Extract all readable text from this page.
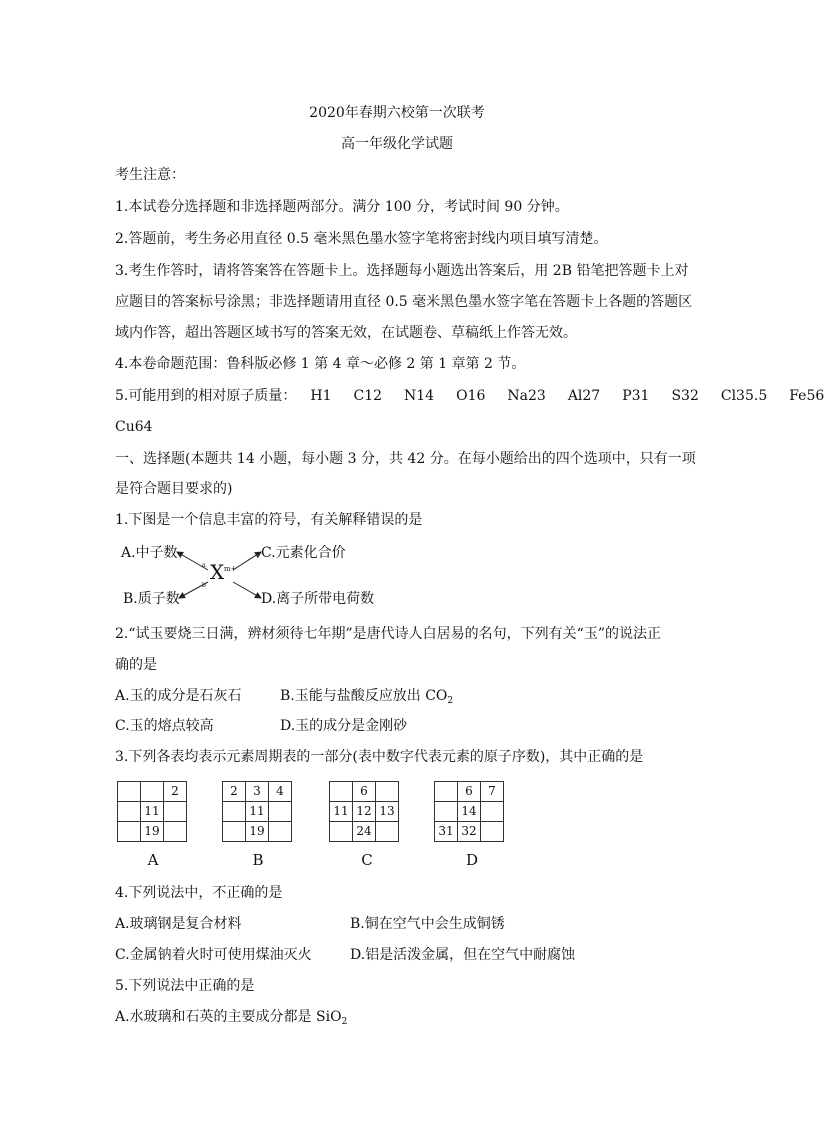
2020年春期六校第一次联考
高一年级化学试题
考生注意：
1.本试卷分选择题和非选择题两部分。满分 100 分，考试时间 90 分钟。
2.答题前，考生务必用直径 0.5 毫米黑色墨水签字笔将密封线内项目填写清楚。
3.考生作答时，请将答案答在答题卡上。选择题每小题选出答案后，用 2B 铅笔把答题卡上对
应题目的答案标号涂黑；非选择题请用直径 0.5 毫米黑色墨水签字笔在答题卡上各题的答题区
域内作答，超出答题区域书写的答案无效，在试题卷、草稿纸上作答无效。
4.本卷命题范围：鲁科版必修 1 第 4 章～必修 2 第 1 章第 2 节。
5.可能用到的相对原子质量： H1 C12 N14 O16 Na23 Al27 P31 S32 Cl35.5 Fe56
Cu64
一、选择题(本题共 14 小题，每小题 3 分，共 42 分。在每小题给出的四个选项中，只有一项
是符合题目要求的)
1.下图是一个信息丰富的符号，有关解释错误的是
A.中子数
B.质子数
C.元素化合价
D.离子所带电荷数
X m+
a
b
2.“试玉要烧三日满，辨材须待七年期”是唐代诗人白居易的名句，下列有关“玉”的说法正
确的是
A.玉的成分是石灰石	B.玉能与盐酸反应放出 $CO_2$
C.玉的熔点较高	D.玉的成分是金刚砂
3.下列各表均表示元素周期表的一部分(表中数字代表元素的原子序数)，其中正确的是
		2
	11	
	19	
A
2	3	4
	11	
	19	
B
	6	
11	12	13
	24	
C
	6	7
	14	
31	32	
D
4.下列说法中，不正确的是
A.玻璃钢是复合材料	B.铜在空气中会生成铜锈
C.金属钠着火时可使用煤油灭火	D.铝是活泼金属，但在空气中耐腐蚀
5.下列说法中正确的是
A.水玻璃和石英的主要成分都是 SiO$_2$
